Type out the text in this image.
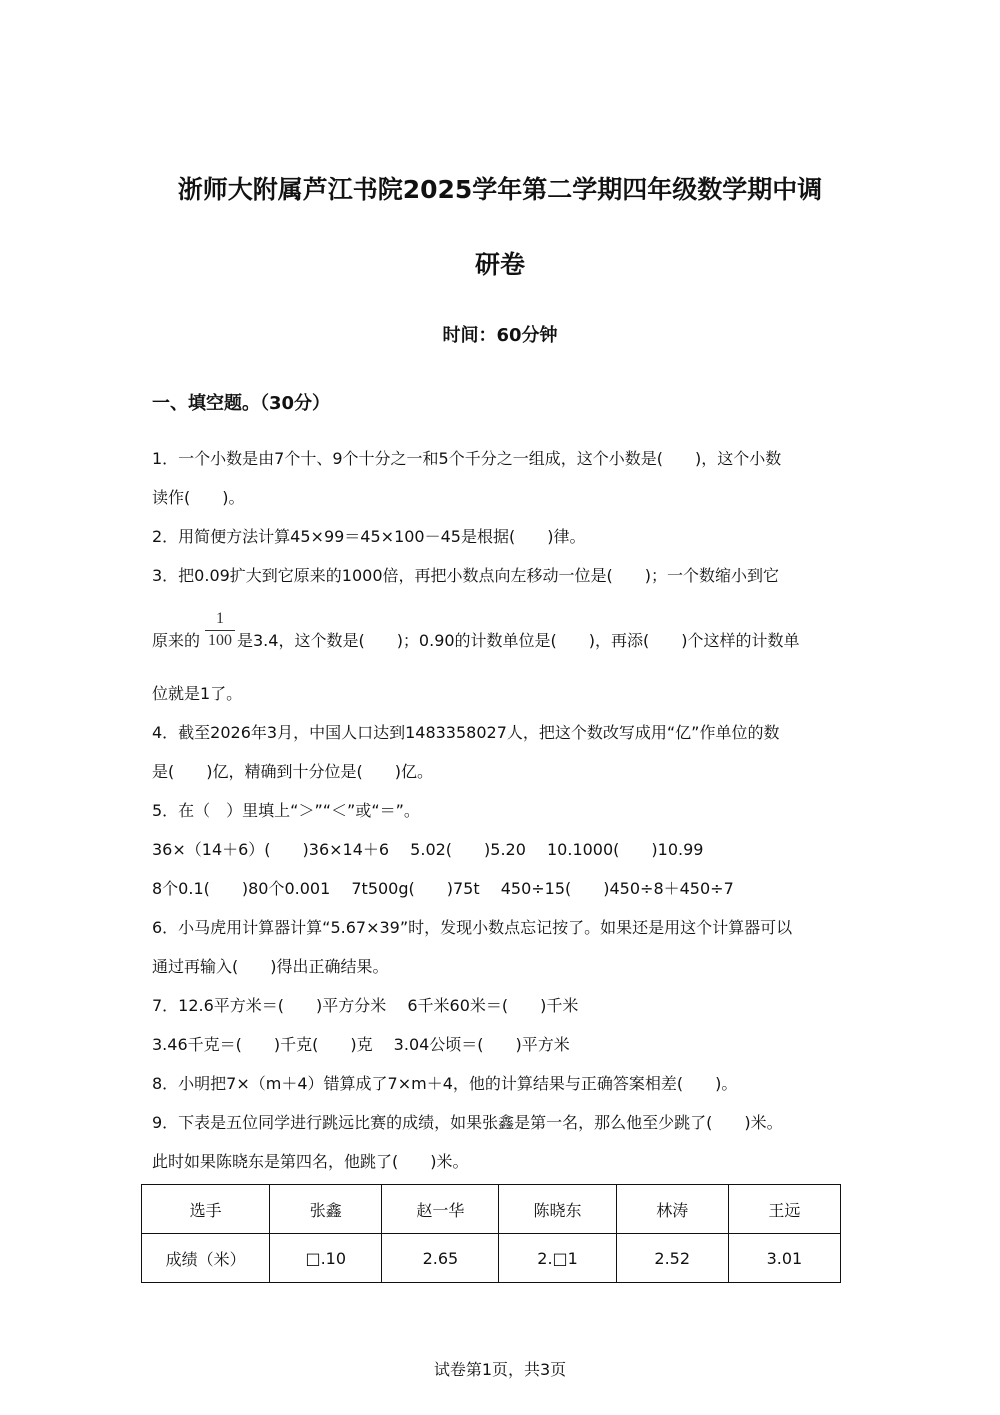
浙师大附属芦江书院2025学年第二学期四年级数学期中调
研卷
时间：60分钟
一、填空题。（30分）
1．一个小数是由7个十、9个十分之一和5个千分之一组成，这个小数是(　　)，这个小数
读作(　　)。
2．用简便方法计算45×99＝45×100－45是根据(　　)律。
3．把0.09扩大到它原来的1000倍，再把小数点向左移动一位是(　　)；一个数缩小到它
原来的
1
100 是3.4，这个数是(　　)；0.90的计数单位是(　　)，再添(　　)个这样的计数单
位就是1了。
4．截至2026年3月，中国人口达到1483358027人，把这个数改写成用“亿”作单位的数
是(　　)亿，精确到十分位是(　　)亿。
5．在（　）里填上“＞”“＜”或“＝”。
36×（14＋6）(　　)36×14＋6　 5.02(　　)5.20　 10.1000(　　)10.99
8个0.1(　　)80个0.001　 7t500g(　　)75t　 450÷15(　　)450÷8＋450÷7
6．小马虎用计算器计算“5.67×39”时，发现小数点忘记按了。如果还是用这个计算器可以
通过再输入(　　)得出正确结果。
7．12.6平方米＝(　　)平方分米　 6千米60米＝(　　)千米
3.46千克＝(　　)千克(　　)克　 3.04公顷＝(　　)平方米
8．小明把7×（m＋4）错算成了7×m＋4，他的计算结果与正确答案相差(　　)。
9．下表是五位同学进行跳远比赛的成绩，如果张鑫是第一名，那么他至少跳了(　　)米。
此时如果陈晓东是第四名，他跳了(　　)米。
选手	张鑫	赵一华	陈晓东	林涛	王远
成绩（米）	□.10	2.65	2.□1	2.52	3.01
试卷第1页，共3页
